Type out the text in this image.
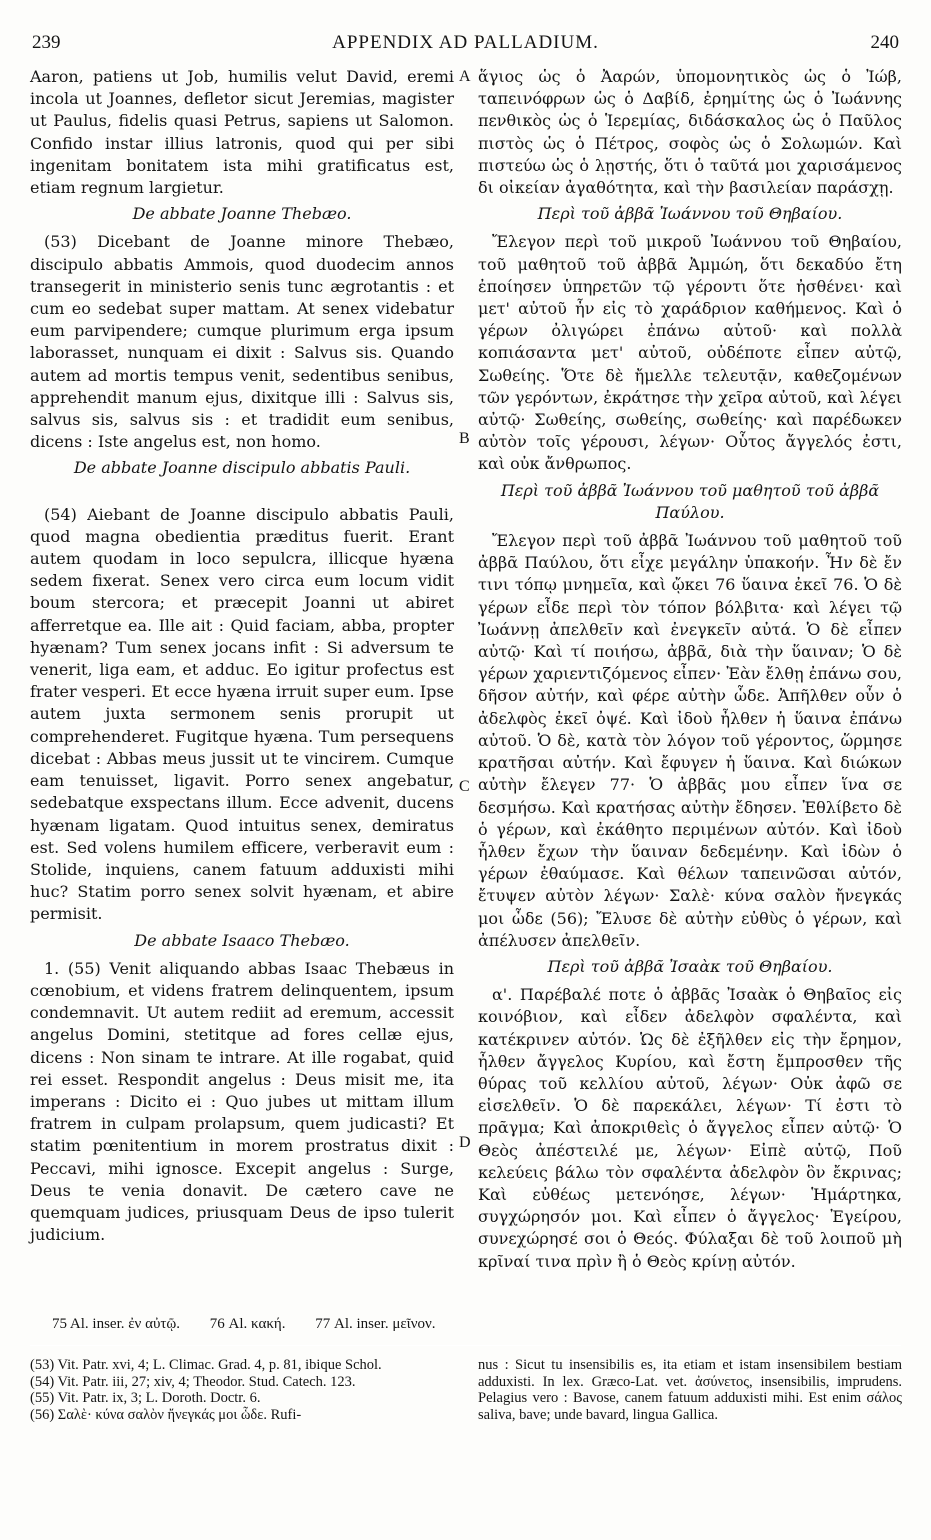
239	APPENDIX AD PALLADIUM.	240

Aaron, patiens ut Job, humilis velut David, eremi incola ut Joannes, defletor sicut Jeremias, magister ut Paulus, fidelis quasi Petrus, sapiens ut Salomon. Confido instar illius latronis, quod qui per sibi ingenitam bonitatem ista mihi gratificatus est, etiam regnum largietur.

De abbate Joanne Thebæo.

(53) Dicebant de Joanne minore Thebæo, discipulo abbatis Ammois, quod duodecim annos transegerit in ministerio senis tunc ægrotantis : et cum eo sedebat super mattam. At senex videbatur eum parvipendere; cumque plurimum erga ipsum laborasset, nunquam ei dixit : Salvus sis. Quando autem ad mortis tempus venit, sedentibus senibus, apprehendit manum ejus, dixitque illi : Salvus sis, salvus sis, salvus sis : et tradidit eum senibus, dicens : Iste angelus est, non homo.

De abbate Joanne discipulo abbatis Pauli.

(54) Aiebant de Joanne discipulo abbatis Pauli, quod magna obedientia præditus fuerit. Erant autem quodam in loco sepulcra, illicque hyæna sedem fixerat. Senex vero circa eum locum vidit boum stercora; et præcepit Joanni ut abiret afferretque ea. Ille ait : Quid faciam, abba, propter hyænam? Tum senex jocans infit : Si adversum te venerit, liga eam, et adduc. Eo igitur profectus est frater vesperi. Et ecce hyæna irruit super eum. Ipse autem juxta sermonem senis prorupit ut comprehenderet. Fugitque hyæna. Tum persequens dicebat : Abbas meus jussit ut te vincirem. Cumque eam tenuisset, ligavit. Porro senex angebatur, sedebatque exspectans illum. Ecce advenit, ducens hyænam ligatam. Quod intuitus senex, demiratus est. Sed volens humilem efficere, verberavit eum : Stolide, inquiens, canem fatuum adduxisti mihi huc? Statim porro senex solvit hyænam, et abire permisit.

De abbate Isaaco Thebæo.

1. (55) Venit aliquando abbas Isaac Thebæus in cœnobium, et videns fratrem delinquentem, ipsum condemnavit. Ut autem rediit ad eremum, accessit angelus Domini, stetitque ad fores cellæ ejus, dicens : Non sinam te intrare. At ille rogabat, quid rei esset. Respondit angelus : Deus misit me, ita imperans : Dicito ei : Quo jubes ut mittam illum fratrem in culpam prolapsum, quem judicasti? Et statim pœnitentium in morem prostratus dixit : Peccavi, mihi ignosce. Excepit angelus : Surge, Deus te venia donavit. De cætero cave ne quemquam judices, priusquam Deus de ipso tulerit judicium.

ἅγιος ὡς ὁ Ἀαρών, ὑπομονητικὸς ὡς ὁ Ἰώβ, ταπεινόφρων ὡς ὁ Δαβίδ, ἐρημίτης ὡς ὁ Ἰωάννης πενθικὸς ὡς ὁ Ἱερεμίας, διδάσκαλος ὡς ὁ Παῦλος πιστὸς ὡς ὁ Πέτρος, σοφὸς ὡς ὁ Σολωμών. Καὶ πιστεύω ὡς ὁ λῃστής, ὅτι ὁ ταῦτά μοι χαρισάμενος δι οἰκείαν ἀγαθότητα, καὶ τὴν βασιλείαν παράσχῃ.

Περὶ τοῦ ἀββᾶ Ἰωάννου τοῦ Θηβαίου.

Ἔλεγον περὶ τοῦ μικροῦ Ἰωάννου τοῦ Θηβαίου, τοῦ μαθητοῦ τοῦ ἀββᾶ Ἀμμώη, ὅτι δεκαδύο ἔτη ἐποίησεν ὑπηρετῶν τῷ γέροντι ὅτε ἠσθένει· καὶ μετ' αὐτοῦ ἦν εἰς τὸ χαράδριον καθήμενος. Καὶ ὁ γέρων ὀλιγώρει ἐπάνω αὐτοῦ· καὶ πολλὰ κοπιάσαντα μετ' αὐτοῦ, οὐδέποτε εἶπεν αὐτῷ, Σωθείης. Ὅτε δὲ ἤμελλε τελευτᾷν, καθεζομένων τῶν γερόντων, ἐκράτησε τὴν χεῖρα αὐτοῦ, καὶ λέγει αὐτῷ· Σωθείης, σωθείης, σωθείης· καὶ παρέδωκεν αὐτὸν τοῖς γέρουσι, λέγων· Οὗτος ἄγγελός ἐστι, καὶ οὐκ ἄνθρωπος.

Περὶ τοῦ ἀββᾶ Ἰωάννου τοῦ μαθητοῦ τοῦ ἀββᾶ Παύλου.

Ἔλεγον περὶ τοῦ ἀββᾶ Ἰωάννου τοῦ μαθητοῦ τοῦ ἀββᾶ Παύλου, ὅτι εἶχε μεγάλην ὑπακοήν. Ἦν δὲ ἔν τινι τόπῳ μνημεῖα, καὶ ᾤκει 76 ὕαινα ἐκεῖ 76. Ὁ δὲ γέρων εἶδε περὶ τὸν τόπον βόλβιτα· καὶ λέγει τῷ Ἰωάννῃ ἀπελθεῖν καὶ ἐνεγκεῖν αὐτά. Ὁ δὲ εἶπεν αὐτῷ· Καὶ τί ποιήσω, ἀββᾶ, διὰ τὴν ὕαιναν; Ὁ δὲ γέρων χαριεντιζόμενος εἶπεν· Ἐὰν ἔλθῃ ἐπάνω σου, δῆσον αὐτήν, καὶ φέρε αὐτὴν ὧδε. Ἀπῆλθεν οὖν ὁ ἀδελφὸς ἐκεῖ ὀψέ. Καὶ ἰδοὺ ἦλθεν ἡ ὕαινα ἐπάνω αὐτοῦ. Ὁ δὲ, κατὰ τὸν λόγον τοῦ γέροντος, ὥρμησε κρατῆσαι αὐτήν. Καὶ ἔφυγεν ἡ ὕαινα. Καὶ διώκων αὐτὴν ἔλεγεν 77· Ὁ ἀββᾶς μου εἶπεν ἵνα σε δεσμήσω. Καὶ κρατήσας αὐτὴν ἔδησεν. Ἐθλίβετο δὲ ὁ γέρων, καὶ ἐκάθητο περιμένων αὐτόν. Καὶ ἰδοὺ ἦλθεν ἔχων τὴν ὕαιναν δεδεμένην. Καὶ ἰδὼν ὁ γέρων ἐθαύμασε. Καὶ θέλων ταπεινῶσαι αὐτόν, ἔτυψεν αὐτὸν λέγων· Σαλὲ· κύνα σαλὸν ἤνεγκάς μοι ὧδε (56); Ἔλυσε δὲ αὐτὴν εὐθὺς ὁ γέρων, καὶ ἀπέλυσεν ἀπελθεῖν.

Περὶ τοῦ ἀββᾶ Ἰσαὰκ τοῦ Θηβαίου.

α'. Παρέβαλέ ποτε ὁ ἀββᾶς Ἰσαὰκ ὁ Θηβαῖος εἰς κοινόβιον, καὶ εἶδεν ἀδελφὸν σφαλέντα, καὶ κατέκρινεν αὐτόν. Ὡς δὲ ἐξῆλθεν εἰς τὴν ἔρημον, ἦλθεν ἄγγελος Κυρίου, καὶ ἔστη ἔμπροσθεν τῆς θύρας τοῦ κελλίου αὐτοῦ, λέγων· Οὐκ ἀφῶ σε εἰσελθεῖν. Ὁ δὲ παρεκάλει, λέγων· Τί ἐστι τὸ πρᾶγμα; Καὶ ἀποκριθεὶς ὁ ἄγγελος εἶπεν αὐτῷ· Ὁ Θεὸς ἀπέστειλέ με, λέγων· Εἰπὲ αὐτῷ, Ποῦ κελεύεις βάλω τὸν σφαλέντα ἀδελφὸν ὃν ἔκρινας; Καὶ εὐθέως μετενόησε, λέγων· Ἡμάρτηκα, συγχώρησόν μοι. Καὶ εἶπεν ὁ ἄγγελος· Ἐγείρου, συνεχώρησέ σοι ὁ Θεός. Φύλαξαι δὲ τοῦ λοιποῦ μὴ κρῖναί τινα πρὶν ἢ ὁ Θεὸς κρίνῃ αὐτόν.

A
B
C
D
75 Al. inser. ἐν αὐτῷ. 76 Al. κακή. 77 Al. inser. μεῖνον.
(53) Vit. Patr. xvi, 4; L. Climac. Grad. 4, p. 81, ibique Schol.
(54) Vit. Patr. iii, 27; xiv, 4; Theodor. Stud. Catech. 123.
(55) Vit. Patr. ix, 3; L. Doroth. Doctr. 6.
(56) Σαλὲ· κύνα σαλὸν ἤνεγκάς μοι ὧδε. Rufi-
nus : Sicut tu insensibilis es, ita etiam et istam insensibilem bestiam adduxisti. In lex. Græco-Lat. vet. ἀσύνετος, insensibilis, imprudens. Pelagius vero : Bavose, canem fatuum adduxisti mihi. Est enim σάλος saliva, bave; unde bavard, lingua Gallica.
